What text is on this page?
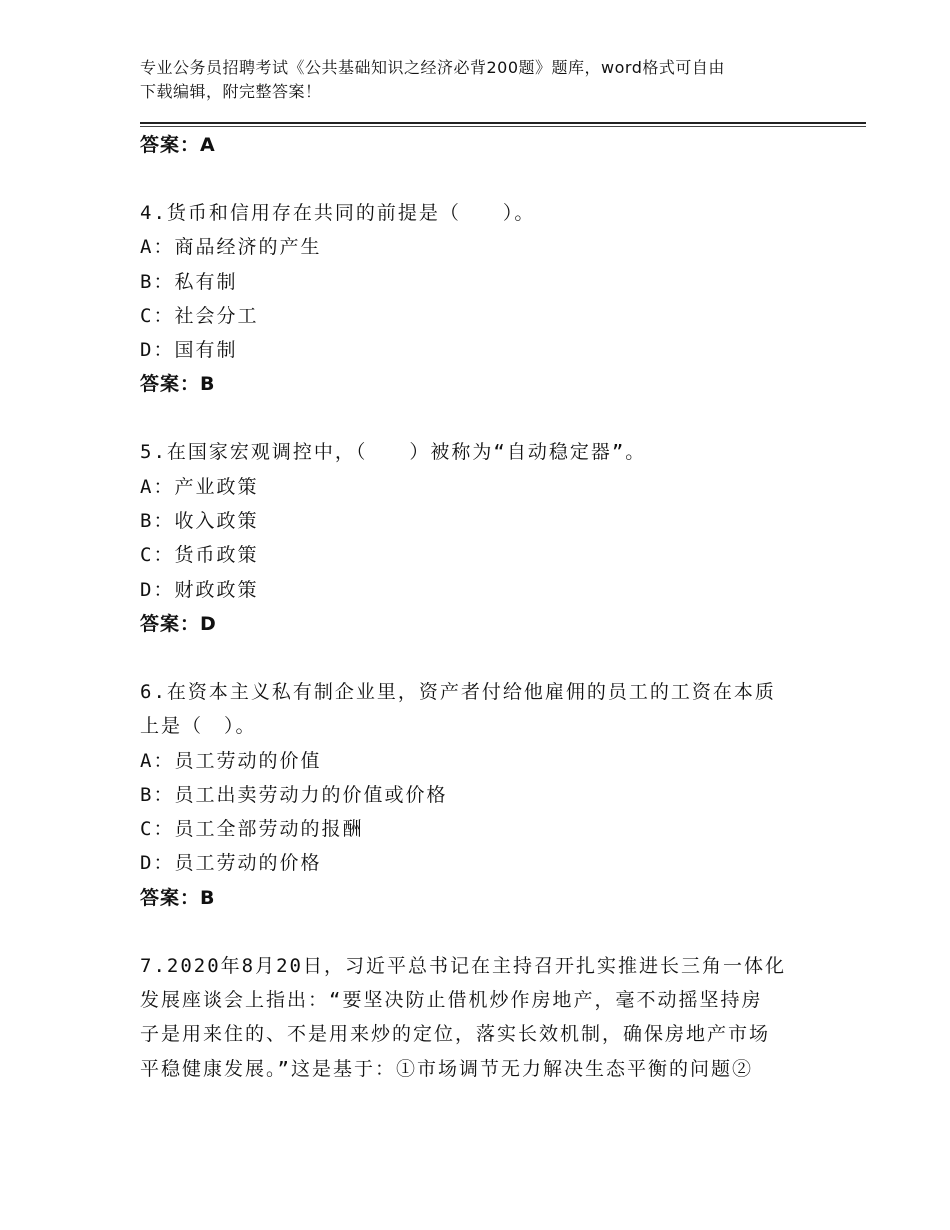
专业公务员招聘考试《公共基础知识之经济必背200题》题库，word格式可自由
下载编辑，附完整答案！
答案：A
4.货币和信用存在共同的前提是（　　）。
A：商品经济的产生
B：私有制
C：社会分工
D：国有制
答案：B
5.在国家宏观调控中，（　　）被称为“自动稳定器”。
A：产业政策
B：收入政策
C：货币政策
D：财政政策
答案：D
6.在资本主义私有制企业里，资产者付给他雇佣的员工的工资在本质
上是（　）。
A：员工劳动的价值
B：员工出卖劳动力的价值或价格
C：员工全部劳动的报酬
D：员工劳动的价格
答案：B
7.2020年8月20日，习近平总书记在主持召开扎实推进长三角一体化
发展座谈会上指出：“要坚决防止借机炒作房地产，毫不动摇坚持房
子是用来住的、不是用来炒的定位，落实长效机制，确保房地产市场
平稳健康发展。”这是基于：①市场调节无力解决生态平衡的问题②
